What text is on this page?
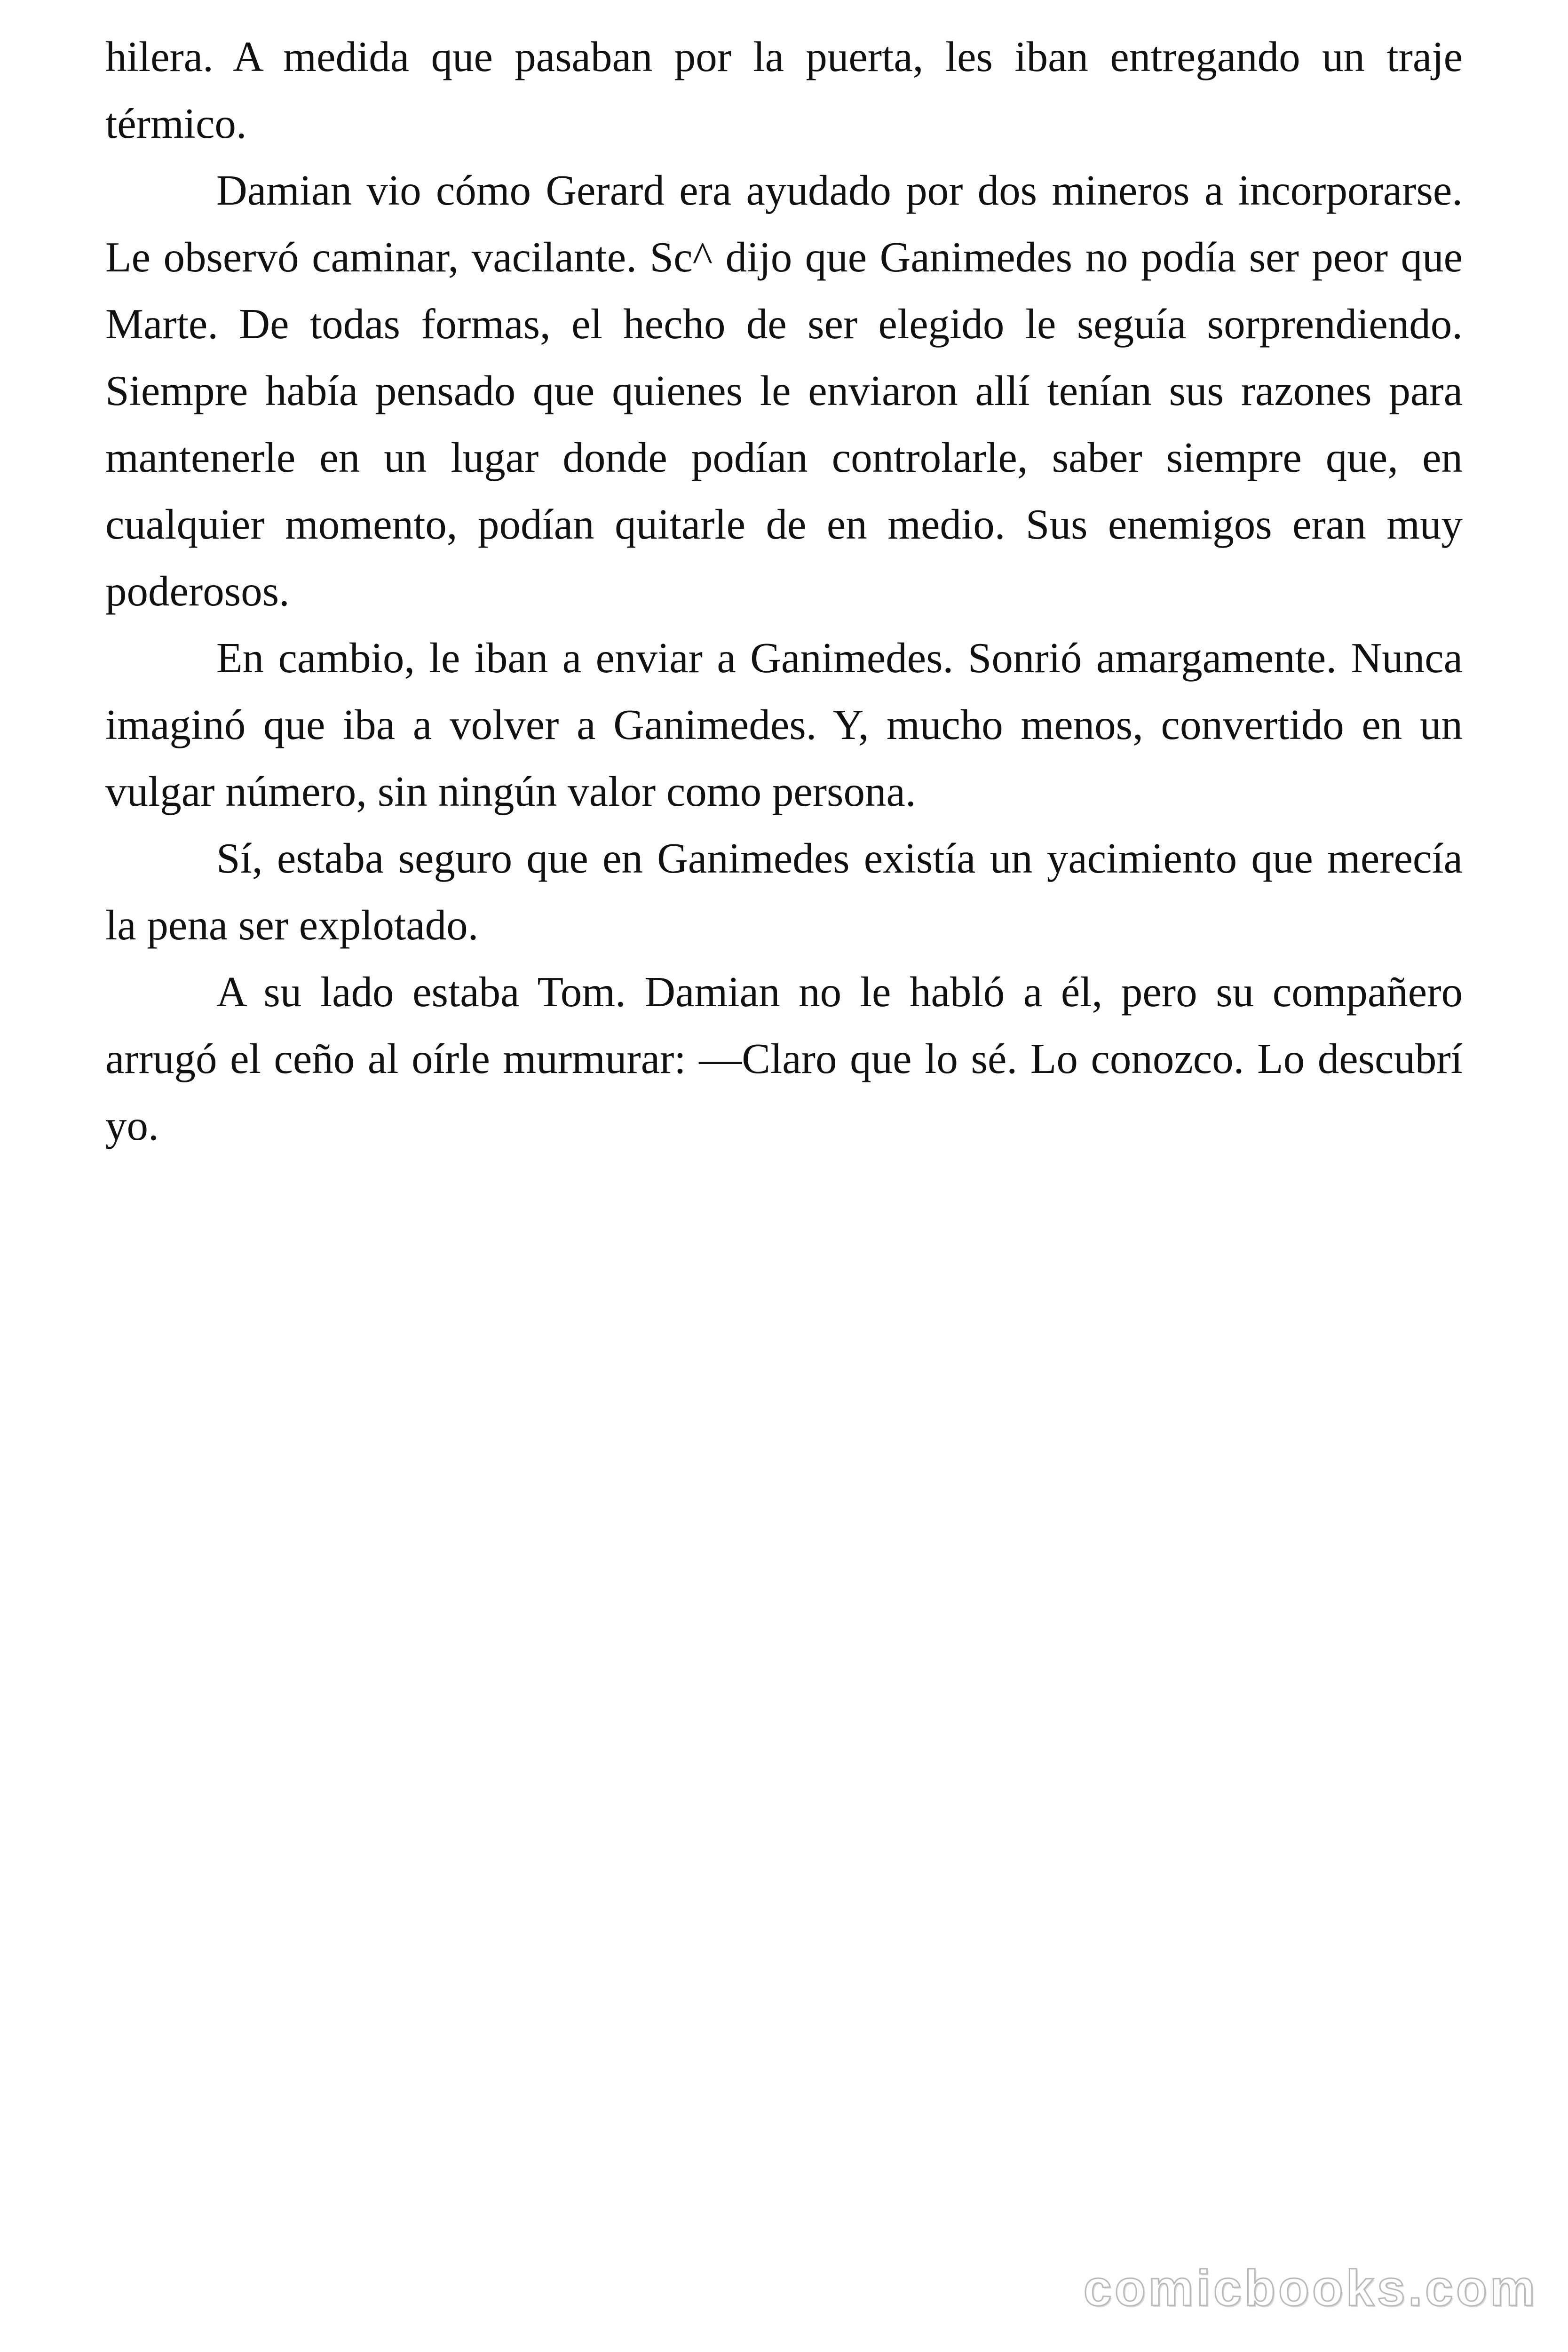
hilera. A medida que pasaban por la puerta, les iban entregando un traje térmico.

Damian vio cómo Gerard era ayudado por dos mineros a incorporarse. Le observó caminar, vacilante. Sc^ dijo que Ganimedes no podía ser peor que Marte. De todas formas, el hecho de ser elegido le seguía sorprendiendo. Siempre había pensado que quienes le enviaron allí tenían sus razones para mantenerle en un lugar donde podían controlarle, saber siempre que, en cualquier momento, podían quitarle de en medio. Sus enemigos eran muy poderosos.

En cambio, le iban a enviar a Ganimedes. Sonrió amargamente. Nunca imaginó que iba a volver a Ganimedes. Y, mucho menos, convertido en un vulgar número, sin ningún valor como persona.

Sí, estaba seguro que en Ganimedes existía un yacimiento que merecía la pena ser explotado.

A su lado estaba Tom. Damian no le habló a él, pero su compañero arrugó el ceño al oírle murmurar: —Claro que lo sé. Lo conozco. Lo descubrí yo.

comicbooks.com
